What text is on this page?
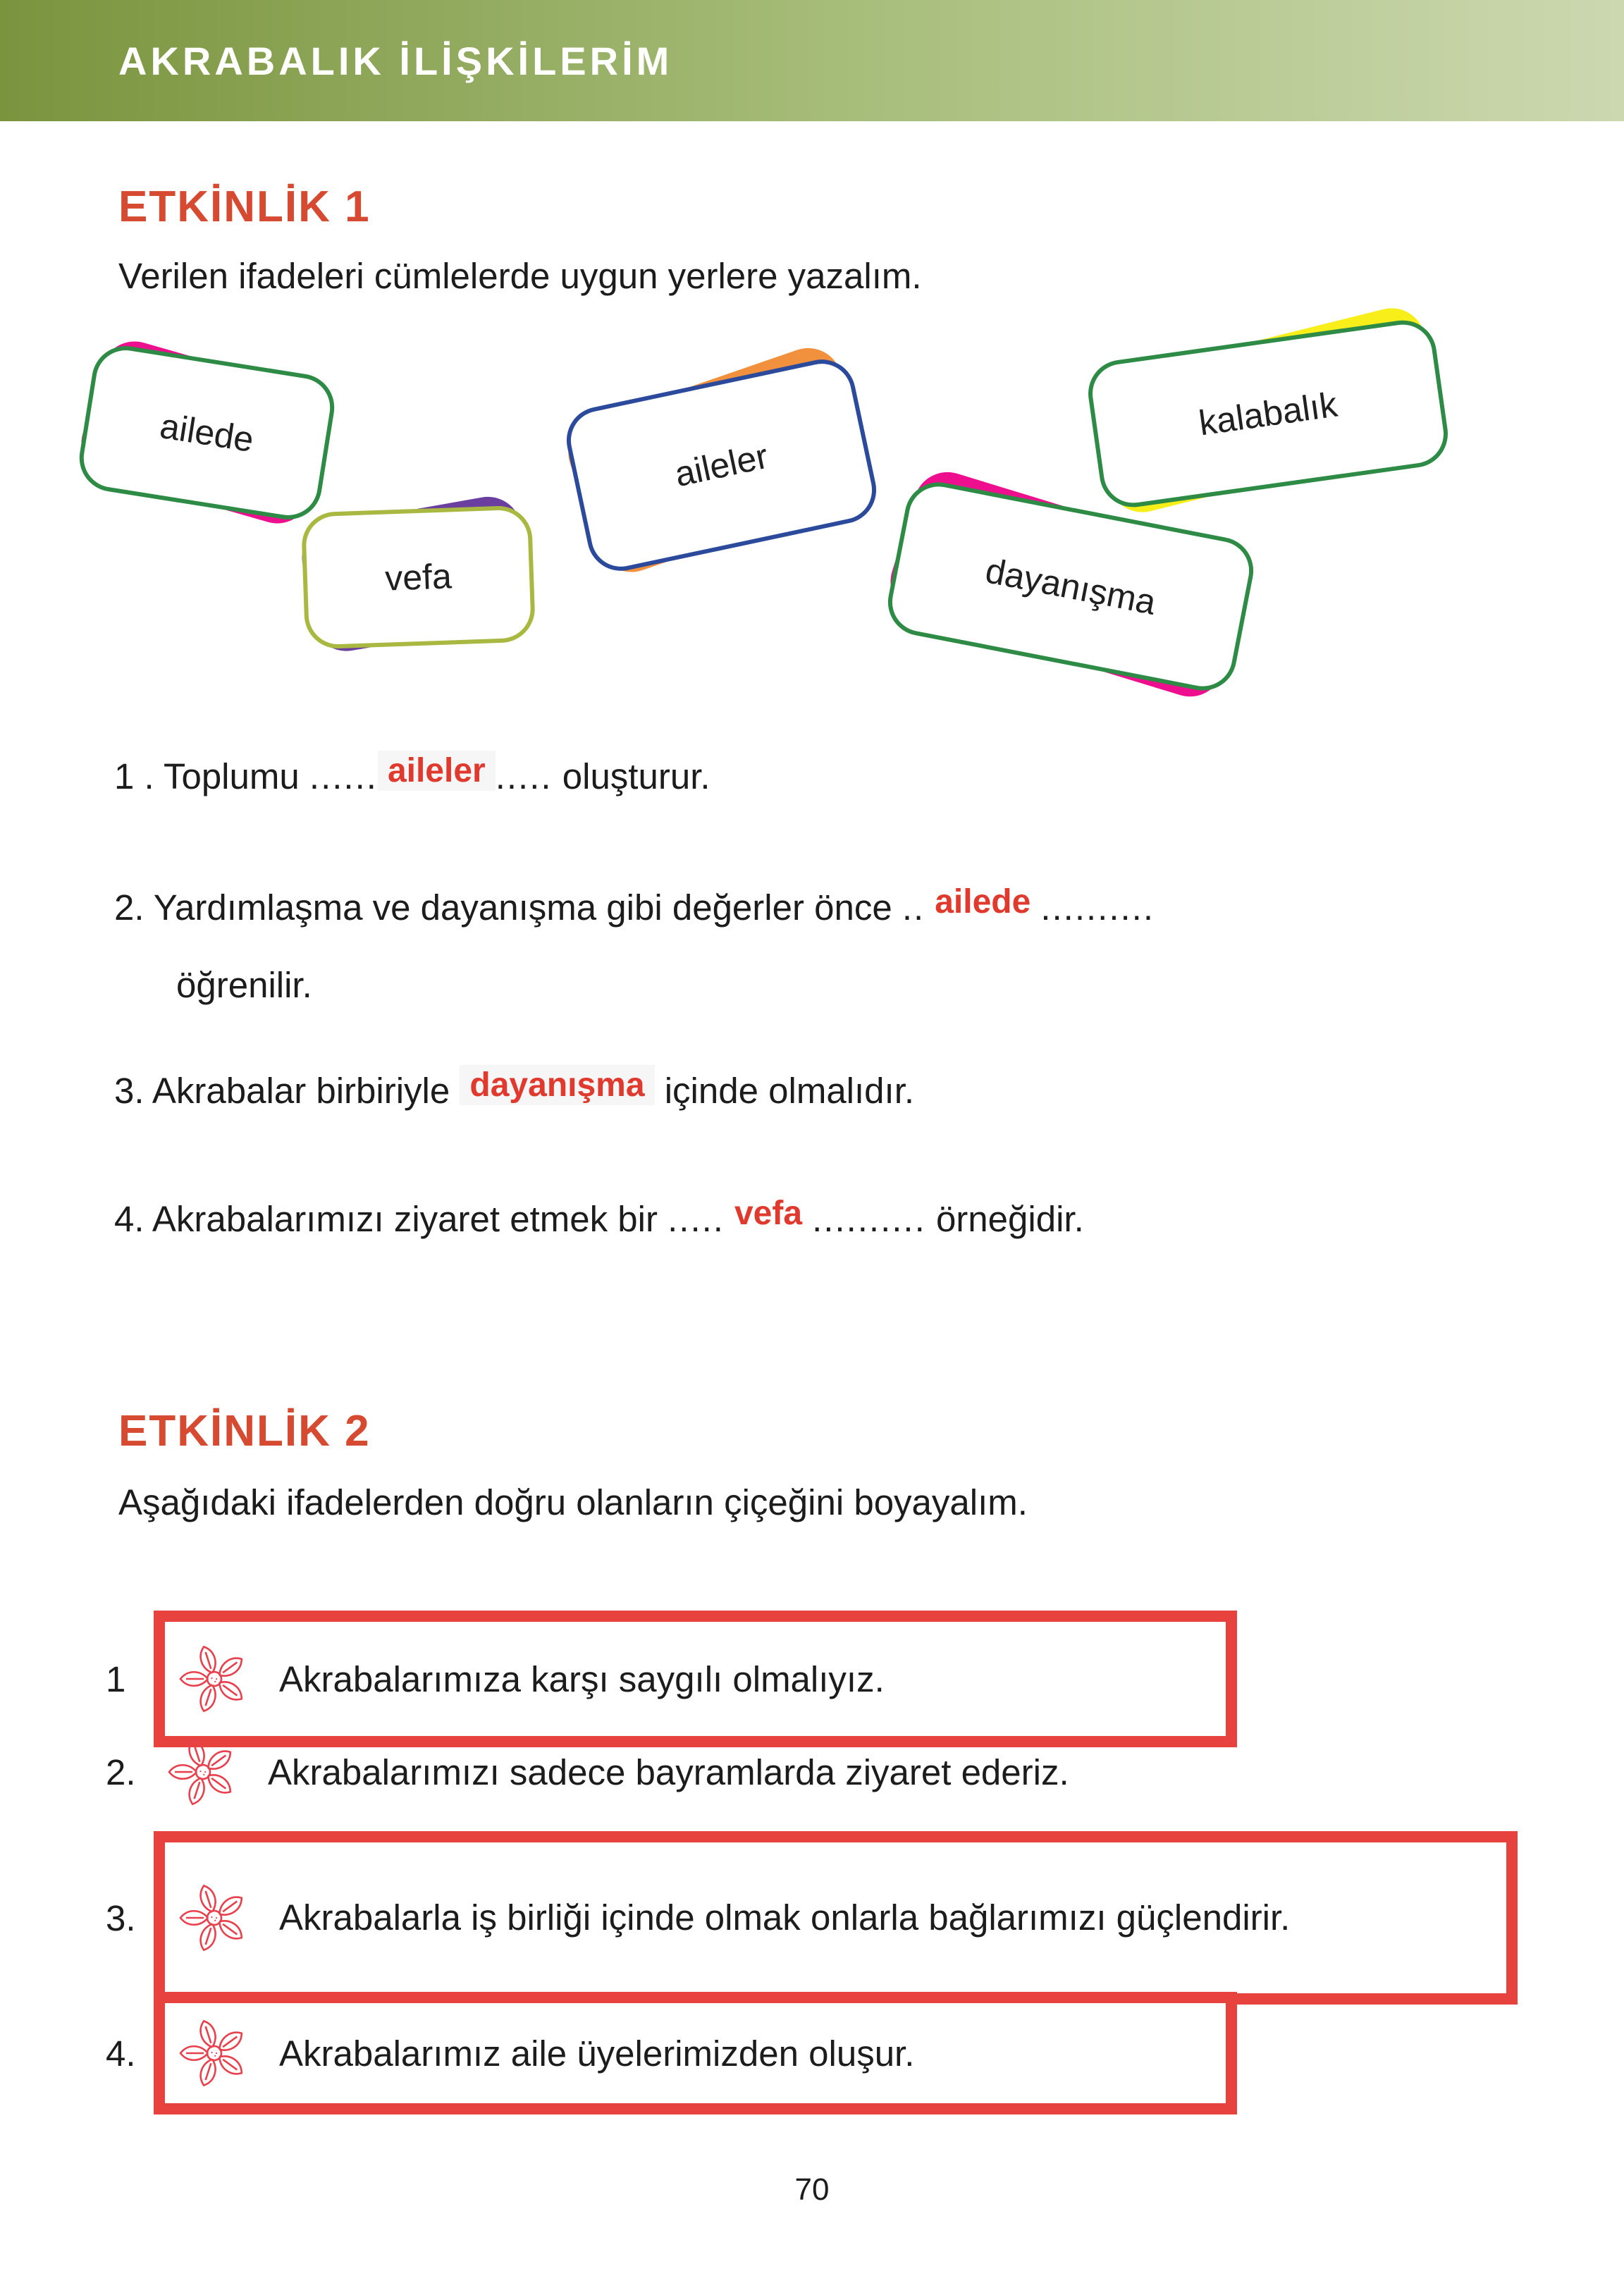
AKRABALIK İLİŞKİLERİM
ETKİNLİK 1
Verilen ifadeleri cümlelerde uygun yerlere yazalım.
ailede
vefa
aileler
kalabalık
dayanışma
1 . Toplumu ...... aileler ..... oluşturur.
2. Yardımlaşma ve dayanışma gibi değerler önce .. ailede ..........
öğrenilir.
3. Akrabalar birbiriyle dayanışma içinde olmalıdır.
4. Akrabalarımızı ziyaret etmek bir ..... vefa .......... örneğidir.
ETKİNLİK 2
Aşağıdaki ifadelerden doğru olanların çiçeğini boyayalım.
1	Akrabalarımıza karşı saygılı olmalıyız.
2.	Akrabalarımızı sadece bayramlarda ziyaret ederiz.
3.	Akrabalarla iş birliği içinde olmak onlarla bağlarımızı güçlendirir.
4.	Akrabalarımız aile üyelerimizden oluşur.
70
